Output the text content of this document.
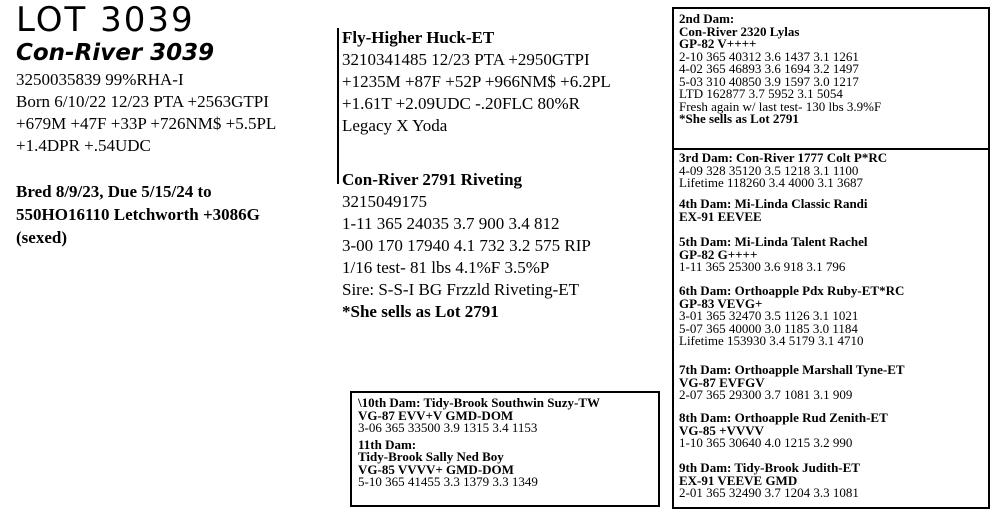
LOT 3039
Con-River 3039
3250035839 99%RHA-I
Born 6/10/22 12/23 PTA +2563GTPI
+679M +47F +33P +726NM$ +5.5PL
+1.4DPR +.54UDC
Bred 8/9/23, Due 5/15/24 to
550HO16110 Letchworth +3086G
(sexed)
Fly-Higher Huck-ET
3210341485 12/23 PTA +2950GTPI
+1235M +87F +52P +966NM$ +6.2PL
+1.61T +2.09UDC -.20FLC 80%R
Legacy X Yoda
Con-River 2791 Riveting
3215049175
1-11 365 24035 3.7 900 3.4 812
3-00 170 17940 4.1 732 3.2 575 RIP
1/16 test- 81 lbs 4.1%F 3.5%P
Sire: S-S-I BG Frzzld Riveting-ET
*She sells as Lot 2791
\10th Dam: Tidy-Brook Southwin Suzy-TW
VG-87 EVV+V GMD-DOM
3-06 365 33500 3.9 1315 3.4 1153
11th Dam:
Tidy-Brook Sally Ned Boy
VG-85 VVVV+ GMD-DOM
5-10 365 41455 3.3 1379 3.3 1349
2nd Dam:
Con-River 2320 Lylas
GP-82 V++++
2-10 365 40312 3.6 1437 3.1 1261
4-02 365 46893 3.6 1694 3.2 1497
5-03 310 40850 3.9 1597 3.0 1217
LTD 162877 3.7 5952 3.1 5054
Fresh again w/ last test- 130 lbs 3.9%F
*She sells as Lot 2791
3rd Dam: Con-River 1777 Colt P*RC
4-09 328 35120 3.5 1218 3.1 1100
Lifetime 118260 3.4 4000 3.1 3687
4th Dam: Mi-Linda Classic Randi
EX-91 EEVEE
5th Dam: Mi-Linda Talent Rachel
GP-82 G++++
1-11 365 25300 3.6 918 3.1 796
6th Dam: Orthoapple Pdx Ruby-ET*RC
GP-83 VEVG+
3-01 365 32470 3.5 1126 3.1 1021
5-07 365 40000 3.0 1185 3.0 1184
Lifetime 153930 3.4 5179 3.1 4710
7th Dam: Orthoapple Marshall Tyne-ET
VG-87 EVFGV
2-07 365 29300 3.7 1081 3.1 909
8th Dam: Orthoapple Rud Zenith-ET
VG-85 +VVVV
1-10 365 30640 4.0 1215 3.2 990
9th Dam: Tidy-Brook Judith-ET
EX-91 VEEVE GMD
2-01 365 32490 3.7 1204 3.3 1081
